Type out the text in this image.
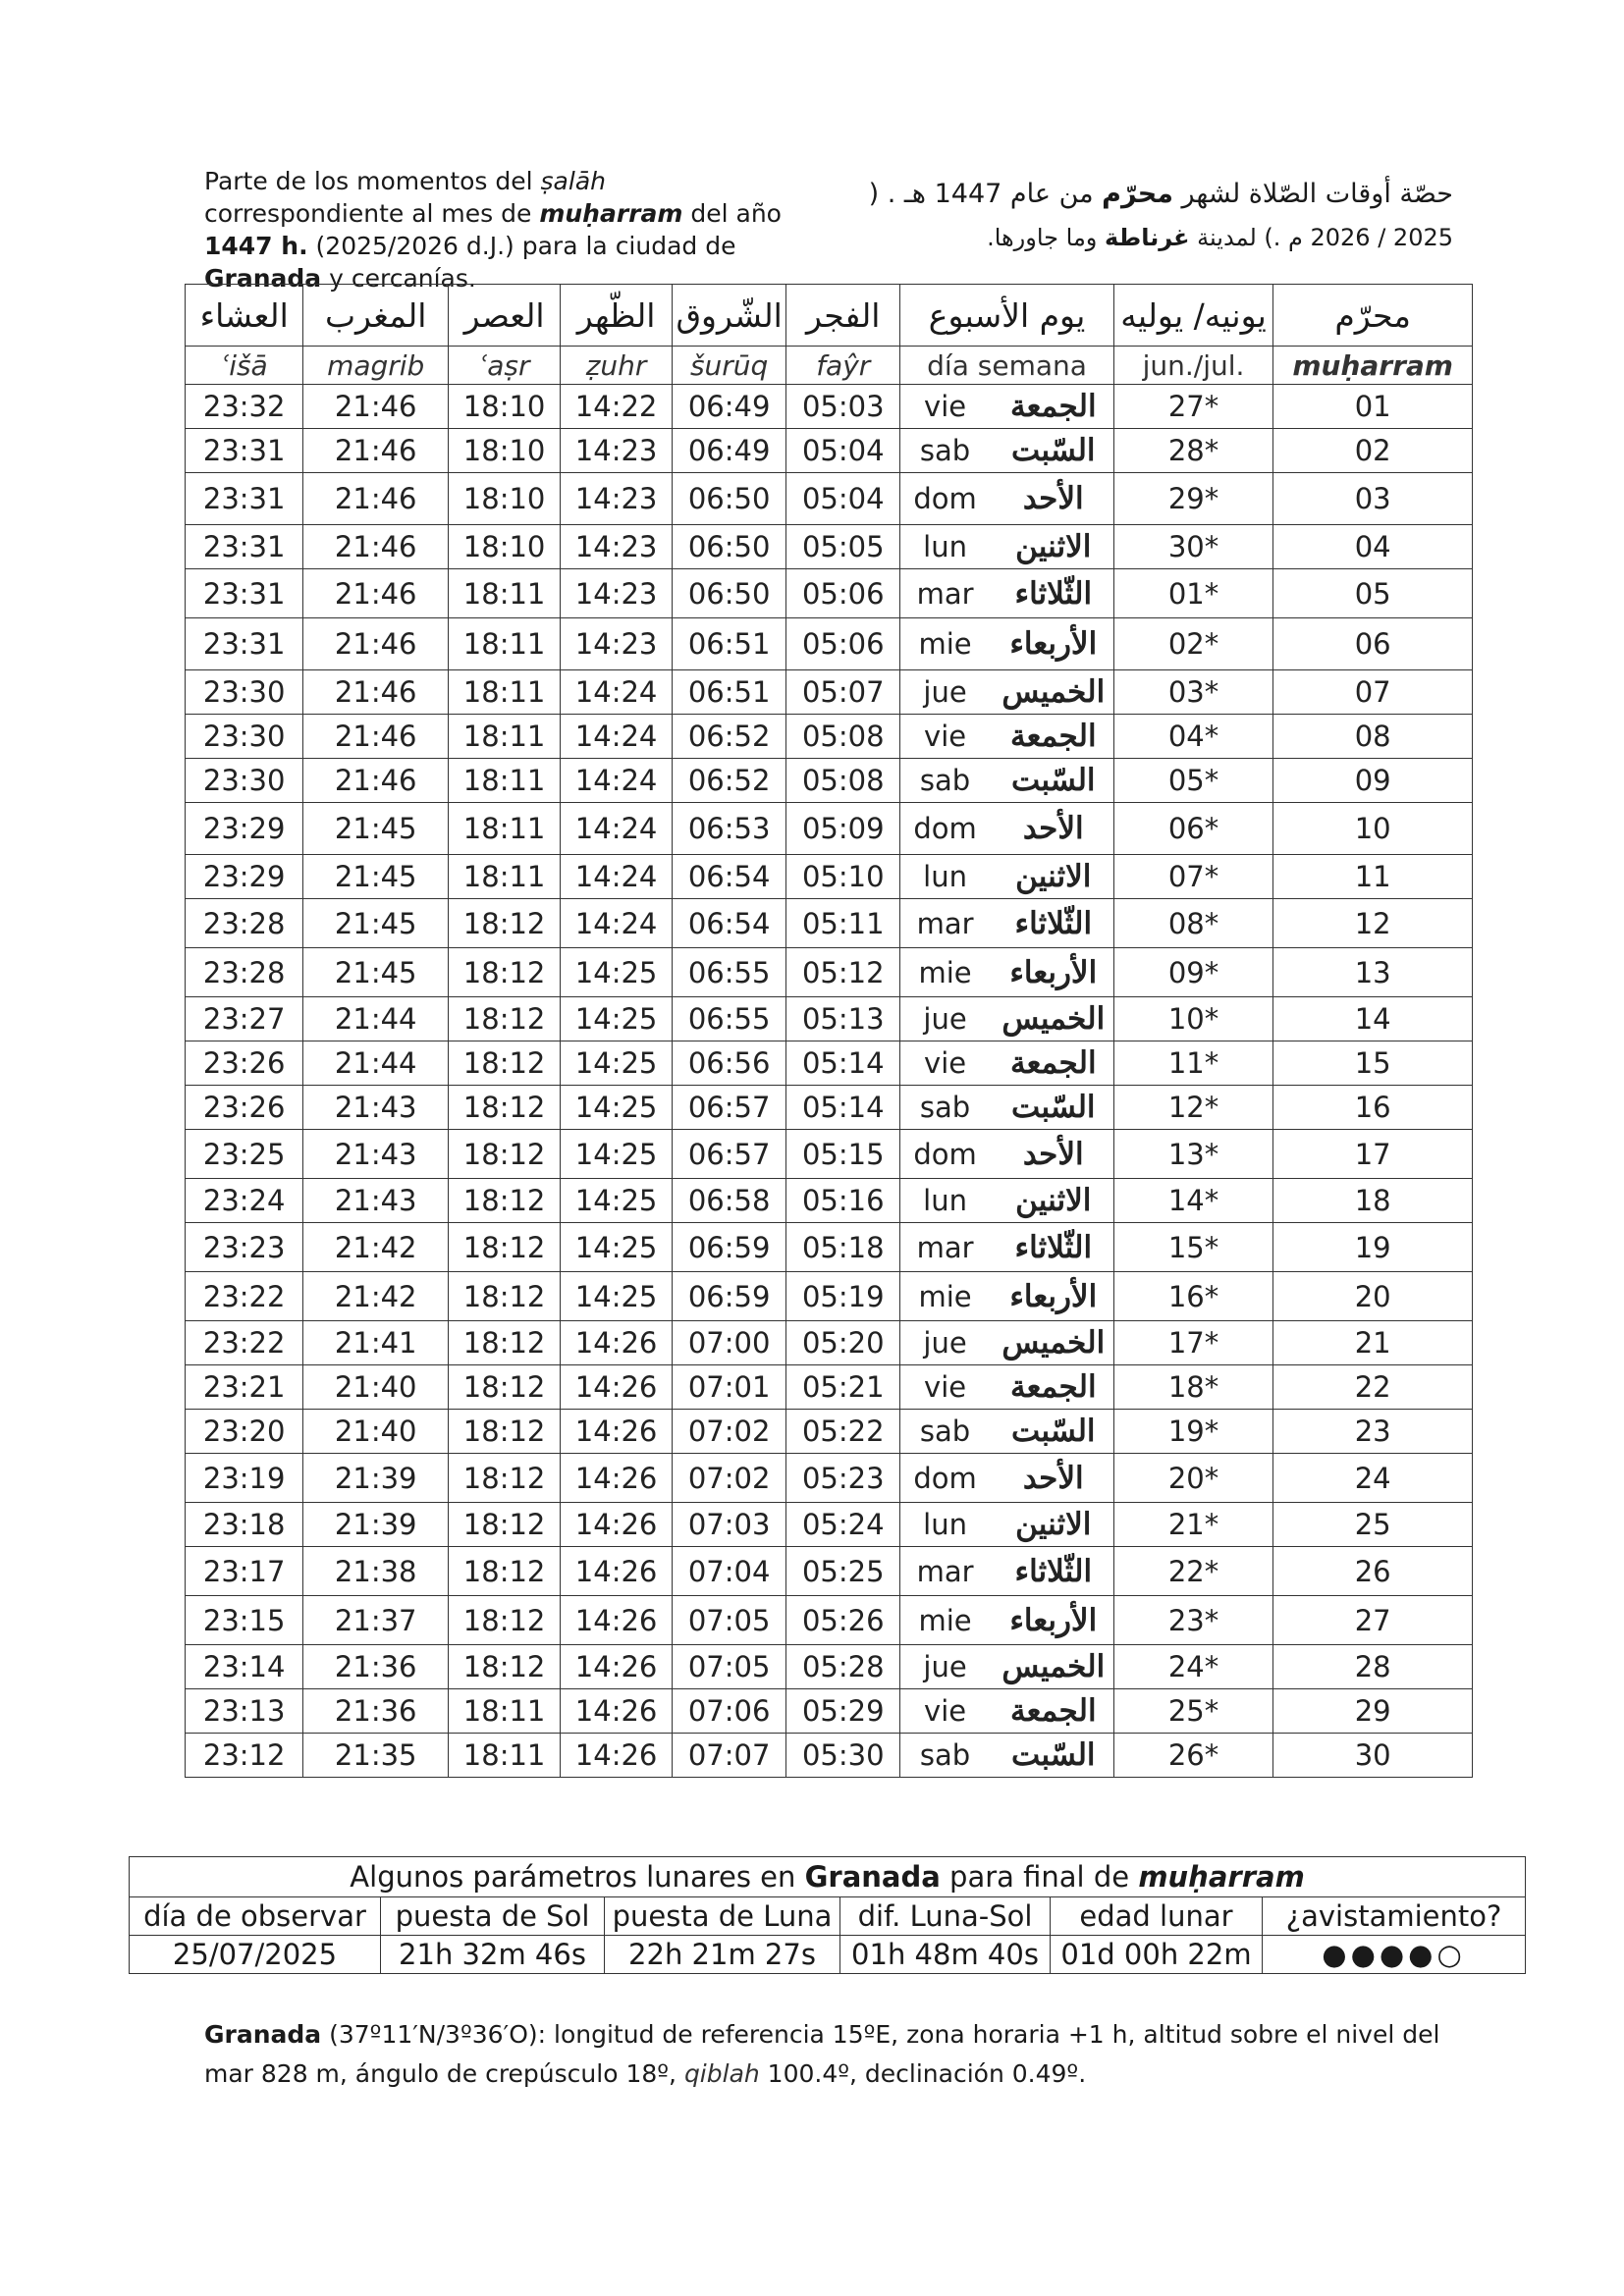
Parte de los momentos del ṣalāh correspondiente al mes de muḥarram del año 1447 h. (2025/2026 d.J.) para la ciudad de Granada y cercanías.
حصّة أوقات الصّلاة لشهر محرّم من عام 1447 هـ . (
2025 / 2026 م .) لمدينة غرناطة وما جاورها.
العشاء	المغرب	العصر	الظّهر	الشّروق	الفجر	يوم الأسبوع		يونيه/ يوليه	محرّم
ʿišā	magrib	ʿaṣr	ẓuhr	šurūq	faŷr	día semana		jun./jul.	muḥarram
23:32	21:46	18:10	14:22	06:49	05:03	vie	الجمعة	27*	01
23:31	21:46	18:10	14:23	06:49	05:04	sab	السّبت	28*	02
23:31	21:46	18:10	14:23	06:50	05:04	dom	الأحد	29*	03
23:31	21:46	18:10	14:23	06:50	05:05	lun	الاثنين	30*	04
23:31	21:46	18:11	14:23	06:50	05:06	mar	الثّلاثاء	01*	05
23:31	21:46	18:11	14:23	06:51	05:06	mie	الأربعاء	02*	06
23:30	21:46	18:11	14:24	06:51	05:07	jue	الخميس	03*	07
23:30	21:46	18:11	14:24	06:52	05:08	vie	الجمعة	04*	08
23:30	21:46	18:11	14:24	06:52	05:08	sab	السّبت	05*	09
23:29	21:45	18:11	14:24	06:53	05:09	dom	الأحد	06*	10
23:29	21:45	18:11	14:24	06:54	05:10	lun	الاثنين	07*	11
23:28	21:45	18:12	14:24	06:54	05:11	mar	الثّلاثاء	08*	12
23:28	21:45	18:12	14:25	06:55	05:12	mie	الأربعاء	09*	13
23:27	21:44	18:12	14:25	06:55	05:13	jue	الخميس	10*	14
23:26	21:44	18:12	14:25	06:56	05:14	vie	الجمعة	11*	15
23:26	21:43	18:12	14:25	06:57	05:14	sab	السّبت	12*	16
23:25	21:43	18:12	14:25	06:57	05:15	dom	الأحد	13*	17
23:24	21:43	18:12	14:25	06:58	05:16	lun	الاثنين	14*	18
23:23	21:42	18:12	14:25	06:59	05:18	mar	الثّلاثاء	15*	19
23:22	21:42	18:12	14:25	06:59	05:19	mie	الأربعاء	16*	20
23:22	21:41	18:12	14:26	07:00	05:20	jue	الخميس	17*	21
23:21	21:40	18:12	14:26	07:01	05:21	vie	الجمعة	18*	22
23:20	21:40	18:12	14:26	07:02	05:22	sab	السّبت	19*	23
23:19	21:39	18:12	14:26	07:02	05:23	dom	الأحد	20*	24
23:18	21:39	18:12	14:26	07:03	05:24	lun	الاثنين	21*	25
23:17	21:38	18:12	14:26	07:04	05:25	mar	الثّلاثاء	22*	26
23:15	21:37	18:12	14:26	07:05	05:26	mie	الأربعاء	23*	27
23:14	21:36	18:12	14:26	07:05	05:28	jue	الخميس	24*	28
23:13	21:36	18:11	14:26	07:06	05:29	vie	الجمعة	25*	29
23:12	21:35	18:11	14:26	07:07	05:30	sab	السّبت	26*	30
Algunos parámetros lunares en Granada para final de muḥarram					
día de observar	puesta de Sol	puesta de Luna	dif. Luna-Sol	edad lunar	¿avistamiento?
25/07/2025	21h 32m 46s	22h 21m 27s	01h 48m 40s	01d 00h 22m	●●●●○
Granada (37º11′N/3º36′O): longitud de referencia 15ºE, zona horaria +1 h, altitud sobre el nivel del mar 828 m, ángulo de crepúsculo 18º, qiblah 100.4º, declinación 0.49º.
